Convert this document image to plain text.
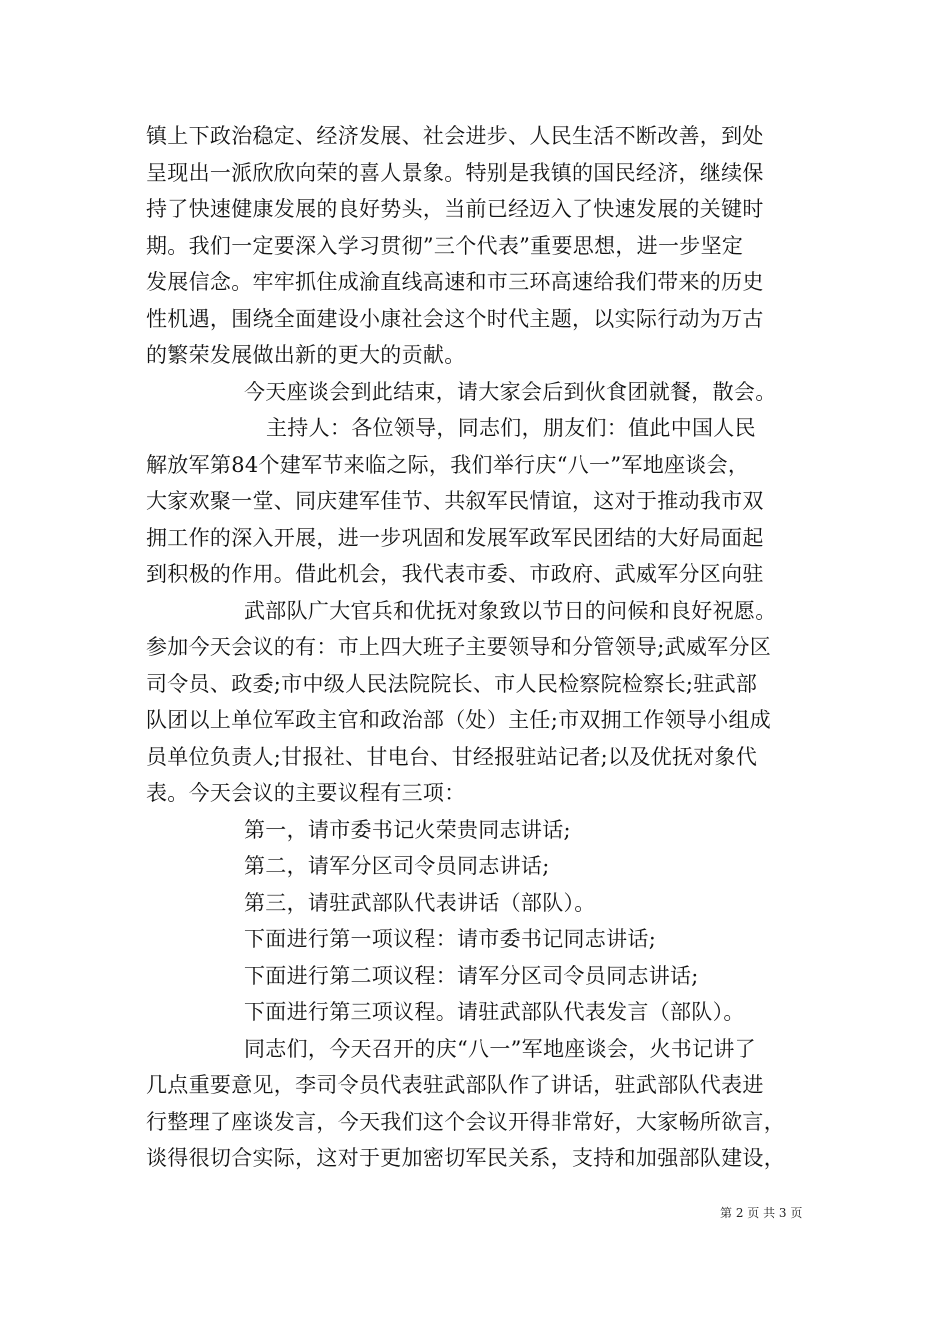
镇上下政治稳定、经济发展、社会进步、人民生活不断改善，到处
呈现出一派欣欣向荣的喜人景象。特别是我镇的国民经济，继续保
持了快速健康发展的良好势头，当前已经迈入了快速发展的关键时
期。我们一定要深入学习贯彻”三个代表”重要思想，进一步坚定
发展信念。牢牢抓住成渝直线高速和市三环高速给我们带来的历史
性机遇，围绕全面建设小康社会这个时代主题，以实际行动为万古
的繁荣发展做出新的更大的贡献。
今天座谈会到此结束，请大家会后到伙食团就餐，散会。
主持人：各位领导，同志们，朋友们：值此中国人民
解放军第84个建军节来临之际，我们举行庆“八一”军地座谈会，
大家欢聚一堂、同庆建军佳节、共叙军民情谊，这对于推动我市双
拥工作的深入开展，进一步巩固和发展军政军民团结的大好局面起
到积极的作用。借此机会，我代表市委、市政府、武威军分区向驻
武部队广大官兵和优抚对象致以节日的问候和良好祝愿。
参加今天会议的有：市上四大班子主要领导和分管领导;武威军分区
司令员、政委;市中级人民法院院长、市人民检察院检察长;驻武部
队团以上单位军政主官和政治部（处）主任;市双拥工作领导小组成
员单位负责人;甘报社、甘电台、甘经报驻站记者;以及优抚对象代
表。今天会议的主要议程有三项：
第一，请市委书记火荣贵同志讲话;
第二，请军分区司令员同志讲话;
第三，请驻武部队代表讲话（部队）。
下面进行第一项议程：请市委书记同志讲话;
下面进行第二项议程：请军分区司令员同志讲话;
下面进行第三项议程。请驻武部队代表发言（部队）。
同志们，今天召开的庆“八一”军地座谈会，火书记讲了
几点重要意见，李司令员代表驻武部队作了讲话，驻武部队代表进
行整理了座谈发言，今天我们这个会议开得非常好，大家畅所欲言，
谈得很切合实际，这对于更加密切军民关系，支持和加强部队建设，
第 2 页 共 3 页
